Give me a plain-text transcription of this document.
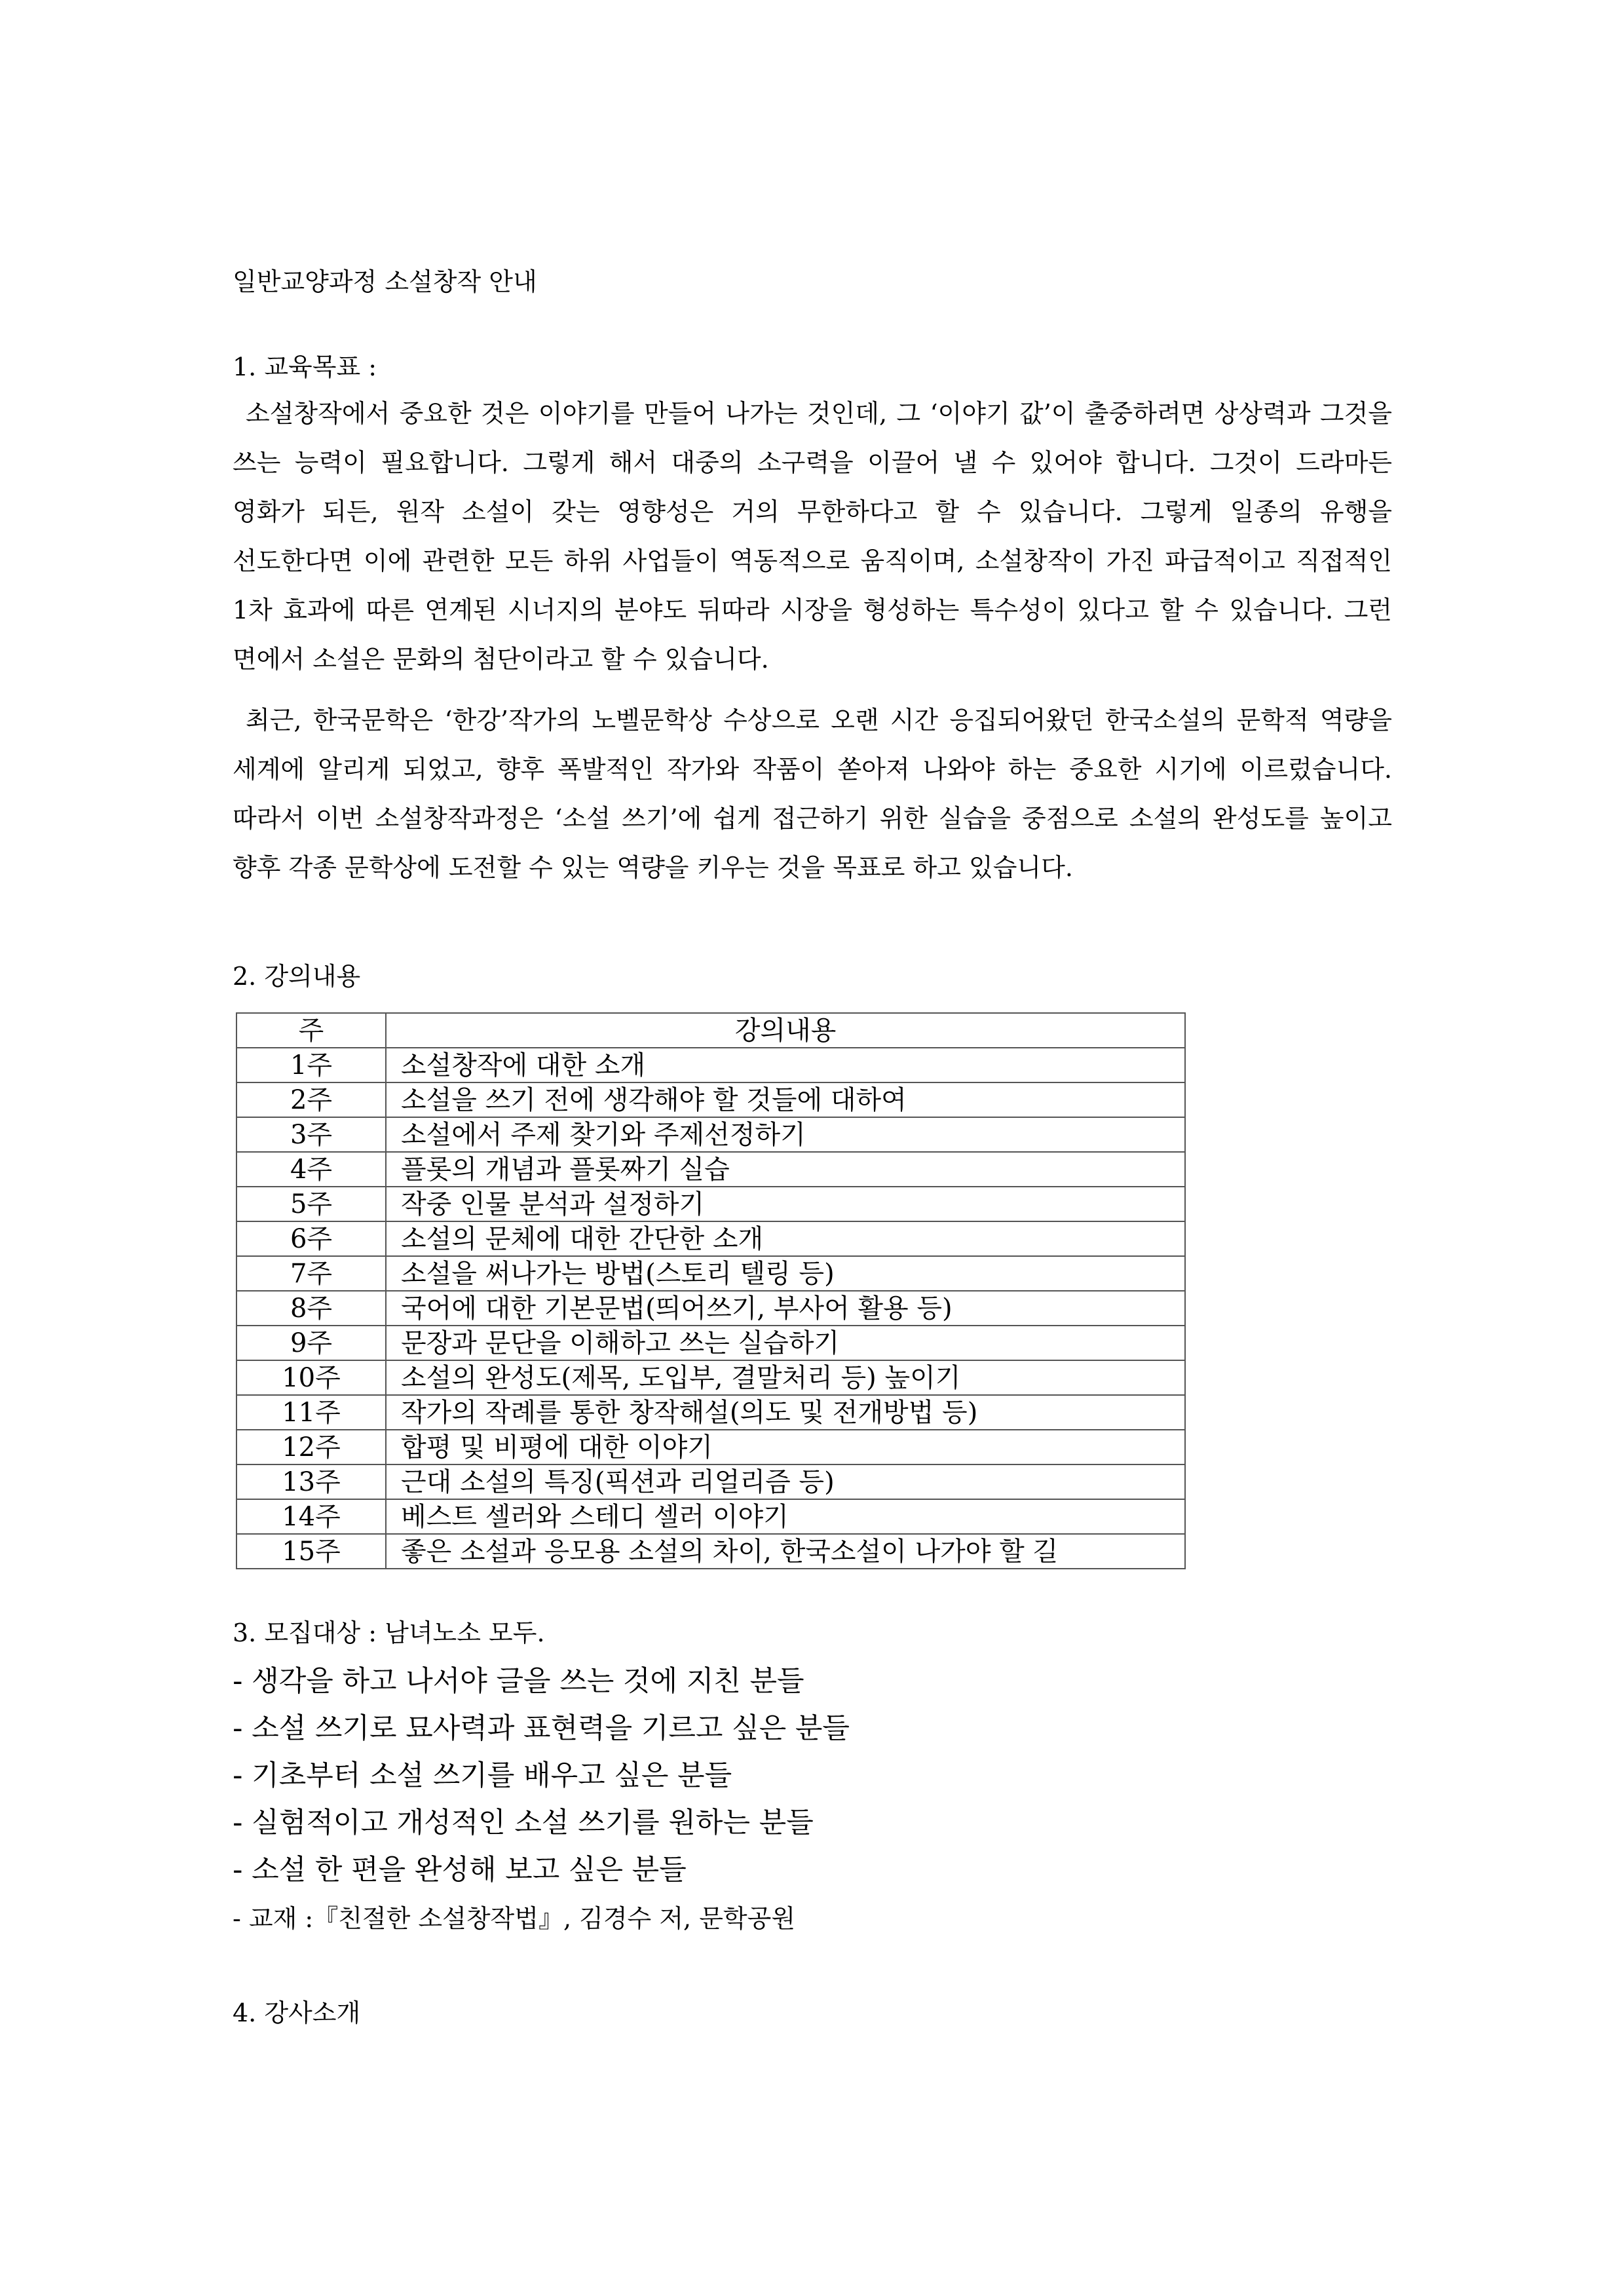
일반교양과정 소설창작 안내
1. 교육목표 :

소설창작에서 중요한 것은 이야기를 만들어 나가는 것인데, 그 ‘이야기 값’이 출중하려면 상상력과 그것을 쓰는 능력이 필요합니다. 그렇게 해서 대중의 소구력을 이끌어 낼 수 있어야 합니다. 그것이 드라마든 영화가 되든, 원작 소설이 갖는 영향성은 거의 무한하다고 할 수 있습니다. 그렇게 일종의 유행을 선도한다면 이에 관련한 모든 하위 사업들이 역동적으로 움직이며, 소설창작이 가진 파급적이고 직접적인 1차 효과에 따른 연계된 시너지의 분야도 뒤따라 시장을 형성하는 특수성이 있다고 할 수 있습니다. 그런 면에서 소설은 문화의 첨단이라고 할 수 있습니다.

최근, 한국문학은 ‘한강’작가의 노벨문학상 수상으로 오랜 시간 응집되어왔던 한국소설의 문학적 역량을 세계에 알리게 되었고, 향후 폭발적인 작가와 작품이 쏟아져 나와야 하는 중요한 시기에 이르렀습니다. 따라서 이번 소설창작과정은 ‘소설 쓰기’에 쉽게 접근하기 위한 실습을 중점으로 소설의 완성도를 높이고 향후 각종 문학상에 도전할 수 있는 역량을 키우는 것을 목표로 하고 있습니다.

2. 강의내용
주	강의내용
1주	소설창작에 대한 소개
2주	소설을 쓰기 전에 생각해야 할 것들에 대하여
3주	소설에서 주제 찾기와 주제선정하기
4주	플롯의 개념과 플롯짜기 실습
5주	작중 인물 분석과 설정하기
6주	소설의 문체에 대한 간단한 소개
7주	소설을 써나가는 방법(스토리 텔링 등)
8주	국어에 대한 기본문법(띄어쓰기, 부사어 활용 등)
9주	문장과 문단을 이해하고 쓰는 실습하기
10주	소설의 완성도(제목, 도입부, 결말처리 등) 높이기
11주	작가의 작례를 통한 창작해설(의도 및 전개방법 등)
12주	합평 및 비평에 대한 이야기
13주	근대 소설의 특징(픽션과 리얼리즘 등)
14주	베스트 셀러와 스테디 셀러 이야기
15주	좋은 소설과 응모용 소설의 차이, 한국소설이 나가야 할 길
3. 모집대상 : 남녀노소 모두.
- 생각을 하고 나서야 글을 쓰는 것에 지친 분들
- 소설 쓰기로 묘사력과 표현력을 기르고 싶은 분들
- 기초부터 소설 쓰기를 배우고 싶은 분들
- 실험적이고 개성적인 소설 쓰기를 원하는 분들
- 소설 한 편을 완성해 보고 싶은 분들
- 교재 :『친절한 소설창작법』, 김경수 저, 문학공원
4. 강사소개
